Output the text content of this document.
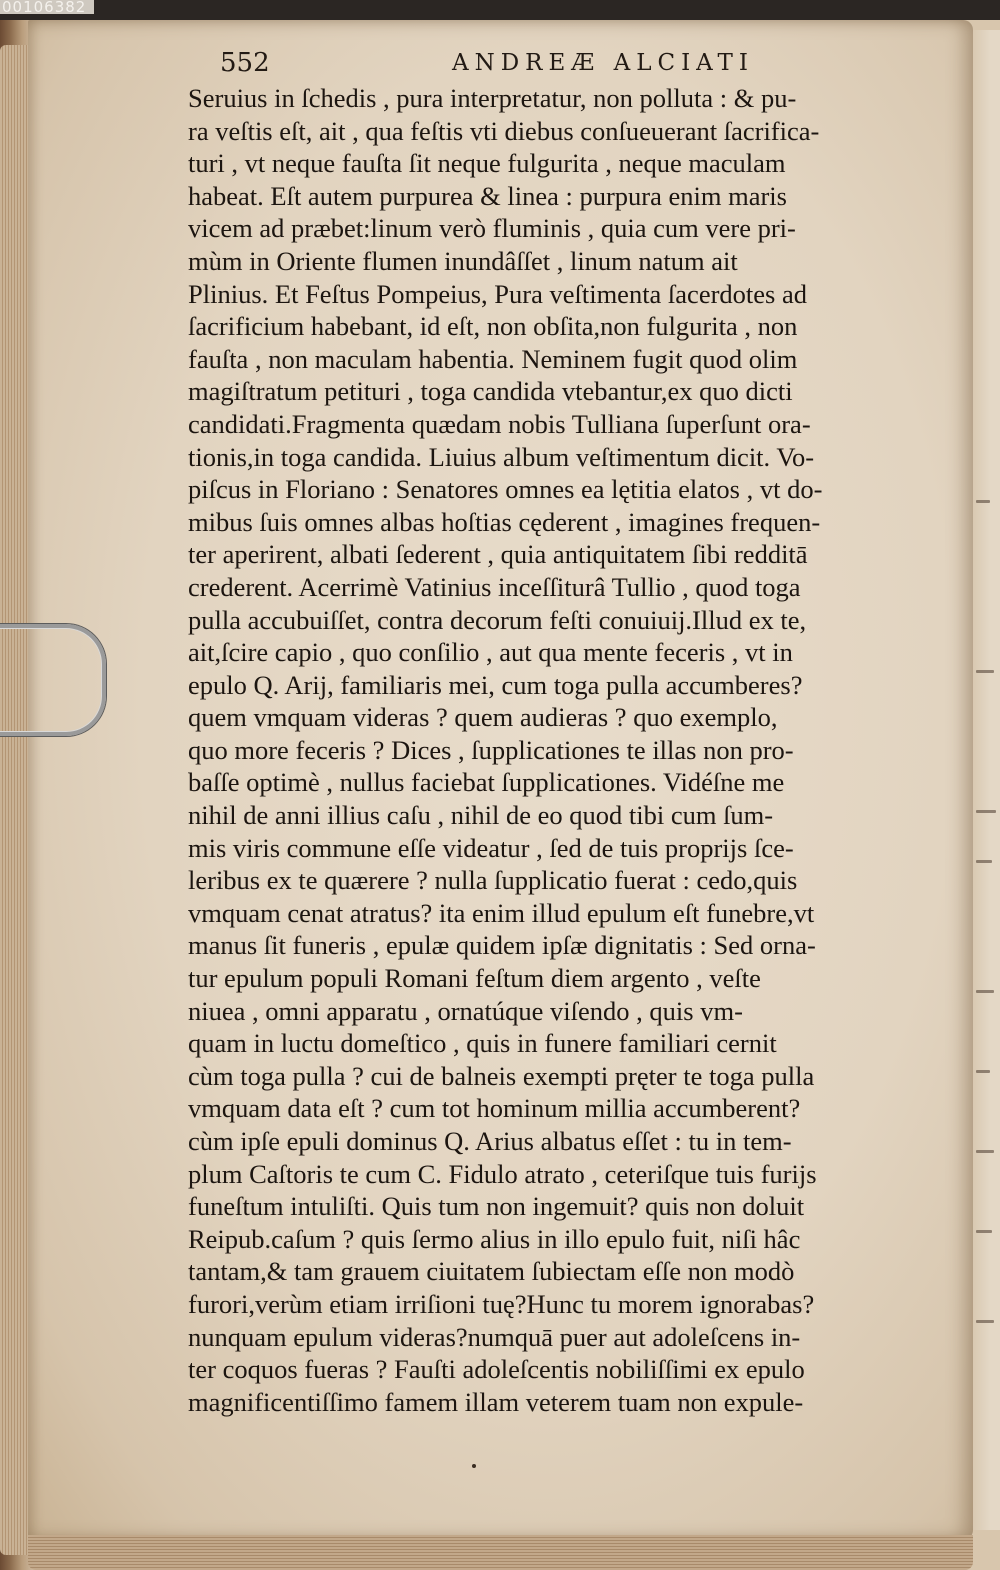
00106382
552	ANDREÆ ALCIATI
Seruius in ſchedis , pura interpretatur, non polluta : & pu-
ra veſtis eſt, ait , qua feſtis vti diebus conſueuerant ſacrifica-
turi , vt neque fauſta ſit neque fulgurita , neque maculam
habeat. Eſt autem purpurea & linea : purpura enim maris
vicem ad præbet:linum verò fluminis , quia cum vere pri-
mùm in Oriente flumen inundâſſet , linum natum ait
Plinius. Et Feſtus Pompeius, Pura veſtimenta ſacerdotes ad
ſacrificium habebant, id eſt, non obſita,non fulgurita , non
fauſta , non maculam habentia. Neminem fugit quod olim
magiſtratum petituri , toga candida vtebantur,ex quo dicti
candidati.Fragmenta quædam nobis Tulliana ſuperſunt ora-
tionis,in toga candida. Liuius album veſtimentum dicit. Vo-
piſcus in Floriano : Senatores omnes ea lętitia elatos , vt do-
mibus ſuis omnes albas hoſtias cęderent , imagines frequen-
ter aperirent, albati ſederent , quia antiquitatem ſibi redditā
crederent. Acerrimè Vatinius inceſſiturâ Tullio , quod toga
pulla accubuiſſet, contra decorum feſti conuiuij.Illud ex te,
ait,ſcire capio , quo conſilio , aut qua mente feceris , vt in
epulo Q. Arij, familiaris mei, cum toga pulla accumberes?
quem vmquam videras ? quem audieras ? quo exemplo,
quo more feceris ? Dices , ſupplicationes te illas non pro-
baſſe optimè , nullus faciebat ſupplicationes. Vidéſne me
nihil de anni illius caſu , nihil de eo quod tibi cum ſum-
mis viris commune eſſe videatur , ſed de tuis proprijs ſce-
leribus ex te quærere ? nulla ſupplicatio fuerat : cedo,quis
vmquam cenat atratus? ita enim illud epulum eſt funebre,vt
manus ſit funeris , epulæ quidem ipſæ dignitatis : Sed orna-
tur epulum populi Romani feſtum diem argento , veſte
niuea , omni apparatu , ornatúque viſendo , quis vm-
quam in luctu domeſtico , quis in funere familiari cernit
cùm toga pulla ? cui de balneis exempti pręter te toga pulla
vmquam data eſt ? cum tot hominum millia accumberent?
cùm ipſe epuli dominus Q. Arius albatus eſſet : tu in tem-
plum Caſtoris te cum C. Fidulo atrato , ceteriſque tuis furijs
funeſtum intuliſti. Quis tum non ingemuit? quis non doluit
Reipub.caſum ? quis ſermo alius in illo epulo fuit, niſi hâc
tantam,& tam grauem ciuitatem ſubiectam eſſe non modò
furori,verùm etiam irriſioni tuę?Hunc tu morem ignorabas?
nunquam epulum videras?numquā puer aut adoleſcens in-
ter coquos fueras ? Fauſti adoleſcentis nobiliſſimi ex epulo
magnificentiſſimo famem illam veterem tuam non expule-
